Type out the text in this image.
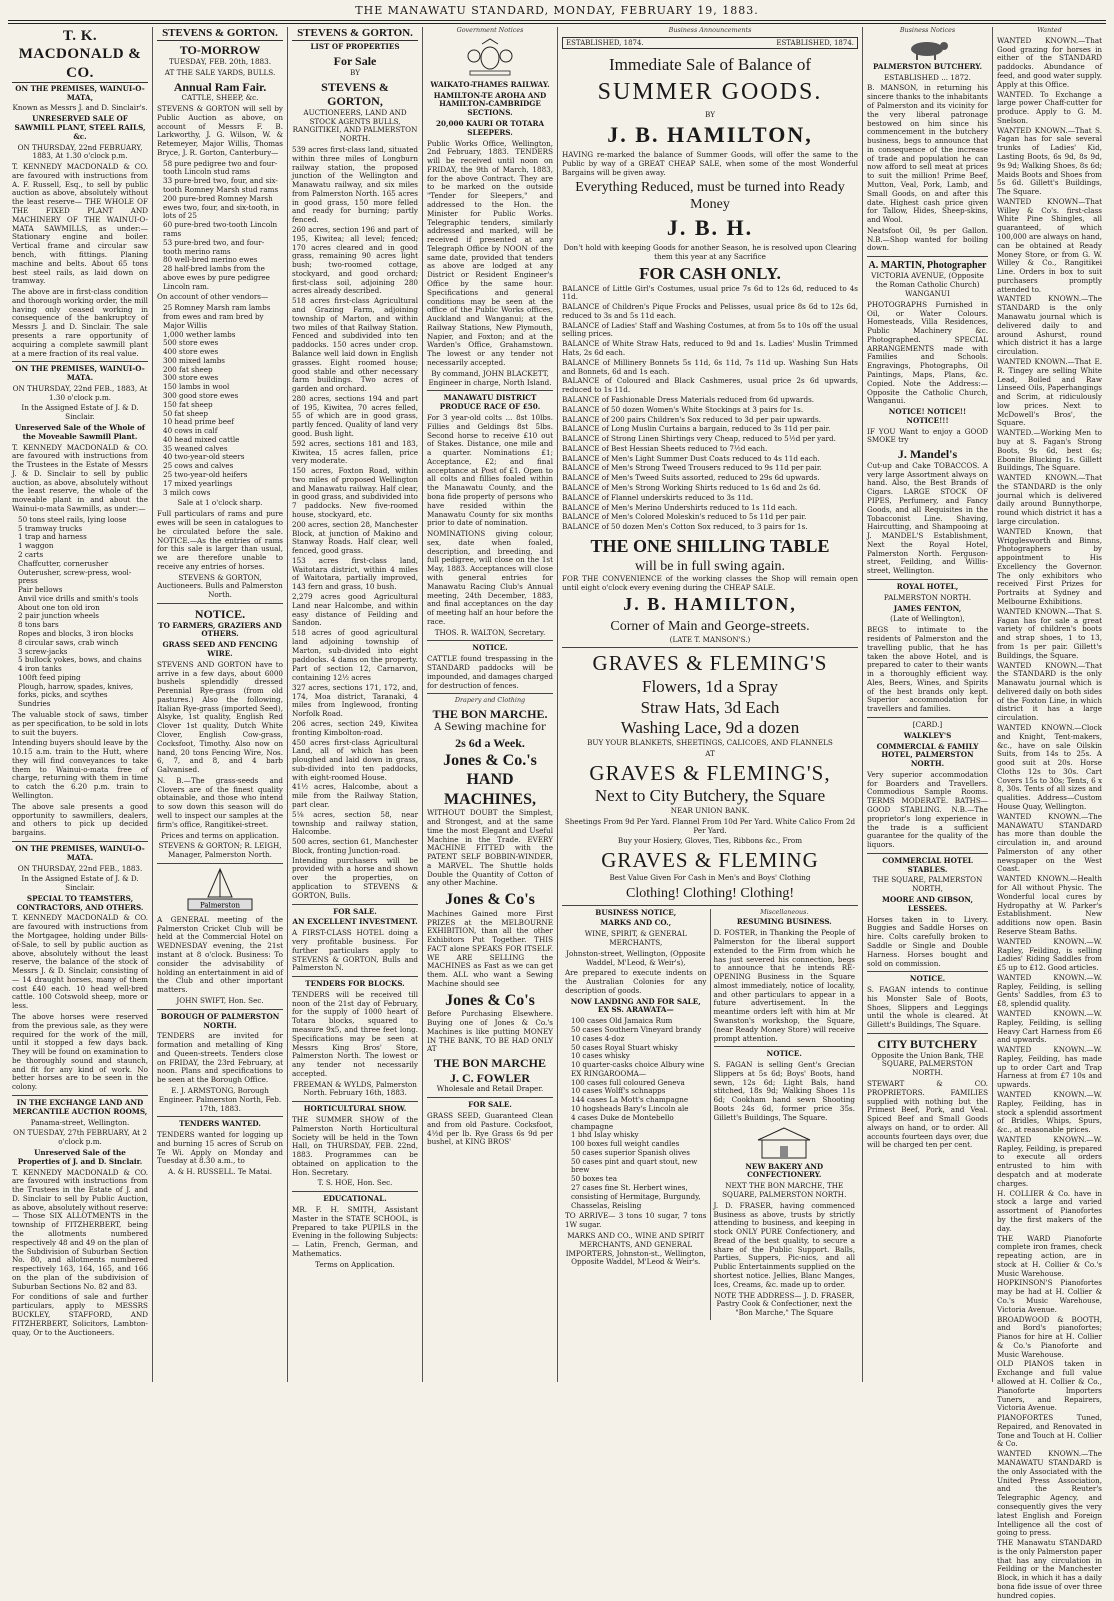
THE MANAWATU STANDARD, MONDAY, FEBRUARY 19, 1883.
T. K. MACDONALD & CO.

ON THE PREMISES, WAINUI-O-MATA,

Known as Messrs J. and D. Sinclair's.

UNRESERVED SALE OF SAWMILL PLANT, STEEL RAILS, &c.

ON THURSDAY, 22nd FEBRUARY, 1883, At 1.30 o'clock p.m.

T. KENNEDY MACDONALD & CO. are favoured with instructions from A. F. Russell, Esq., to sell by public auction as above, absolutely without the least reserve— THE WHOLE OF THE FIXED PLANT AND MACHINERY OF THE WAINUI-O-MATA SAWMILLS, as under:— Stationary engine and boiler. Vertical frame and circular saw bench, with fittings. Planing machine and belts. About 65 tons best steel rails, as laid down on tramway.

The above are in first-class condition and thorough working order, the mill having only ceased working in consequence of the bankruptcy of Messrs J. and D. Sinclair. The sale presents a rare opportunity of acquiring a complete sawmill plant at a mere fraction of its real value.

ON THE PREMISES, WAINUI-O-MATA.

ON THURSDAY, 22nd FEB., 1883, At 1.30 o'clock p.m.

In the Assigned Estate of J. & D. Sinclair.

Unreserved Sale of the Whole of the Moveable Sawmill Plant.

T. KENNEDY MACDONALD & CO. are favoured with instructions from the Trustees in the Estate of Messrs J. & D. Sinclair to sell by public auction, as above, absolutely without the least reserve, the whole of the moveable plant in and about the Wainui-o-mata Sawmills, as under:—

50 tons steel rails, lying loose
5 tramway trucks
1 trap and harness
1 waggon
2 carts
Chaffcutter, cornerusher
Outerusher, screw-press, wool-press
Pair bellows
Anvil vice drills and smith's tools
About one ton old iron
2 pair junction wheels
8 tons bars
Ropes and blocks, 3 iron blocks
8 circular saws, crab winch
3 screw-jacks
5 bullock yokes, bows, and chains
4 iron tanks
100ft feed piping
Plough, harrow, spades, knives, forks, picks, and scythes
Sundries

The valuable stock of saws, timber as per specification, to be sold in lots to suit the buyers.

Intending buyers should leave by the 10.15 a.m. train to the Hutt, where they will find conveyances to take them to Wainui-o-mata free of charge, returning with them in time to catch the 6.20 p.m. train to Wellington.

The above sale presents a good opportunity to sawmillers, dealers, and others to pick up decided bargains.

ON THE PREMISES, WAINUI-O-MATA.

ON THURSDAY, 22nd FEB., 1883.

In the Assigned Estate of J. & D. Sinclair.

SPECIAL TO TEAMSTERS, CONTRACTORS, AND OTHERS.

T. KENNEDY MACDONALD & CO. are favoured with instructions from the Mortgagee, holding under Bills-of-Sale, to sell by public auction as above, absolutely without the least reserve, the balance of the stock of Messrs J. & D. Sinclair, consisting of— 14 draught horses, many of them cost £40 each. 10 head well-bred cattle. 100 Cotswold sheep, more or less.

The above horses were reserved from the previous sale, as they were required for the work of the mill, until it stopped a few days back. They will be found on examination to be thoroughly sound and staunch, and fit for any kind of work. No better horses are to be seen in the colony.

IN THE EXCHANGE LAND AND MERCANTILE AUCTION ROOMS,

Panama-street, Wellington.

ON TUESDAY, 27th FEBRUARY, At 2 o'clock p.m.

Unreserved Sale of the Properties of J. and D. Sinclair.

T. KENNEDY MACDONALD & CO. are favoured with instructions from the Trustees in the Estate of J. and D. Sinclair to sell by Public Auction, as above, absolutely without reserve:— Those SIX ALLOTMENTS in the township of FITZHERBERT, being the allotments numbered respectively 48 and 49 on the plan of the Subdivision of Suburban Section No. 80, and allotments numbered respectively 163, 164, 165, and 166 on the plan of the subdivision of Suburban Sections No. 82 and 83.

For conditions of sale and further particulars, apply to MESSRS BUCKLEY, STAFFORD, AND FITZHERBERT, Solicitors, Lambton-quay, Or to the Auctioneers.

STEVENS & GORTON.
TO-MORROW

TUESDAY, FEB. 20th, 1883.

AT THE SALE YARDS, BULLS.

Annual Ram Fair.

CATTLE, SHEEP, &c.

STEVENS & GORTON will sell by Public Auction as above, on account of Messrs F. B. Larkworthy, J. G. Wilson, W. & Retemeyer, Major Willis, Thomas Bryce, J. R. Gorton, Canterbury—

58 pure pedigree two and four-tooth Lincoln stud rams
33 pure-bred two, four, and six-tooth Romney Marsh stud rams
200 pure-bred Romney Marsh ewes two, four, and six-tooth, in lots of 25
60 pure-bred two-tooth Lincoln rams
53 pure-bred two, and four-tooth merino rams
80 well-bred merino ewes
28 half-bred lambs from the above ewes by pure pedigree Lincoln ram.

On account of other vendors—

25 Romney Marsh ram lambs from ewes and ram bred by Major Willis
1,000 wether lambs
500 store ewes
400 store ewes
300 mixed lambs
200 fat sheep
300 store ewes
150 lambs in wool
300 good store ewes
150 fat sheep
50 fat sheep
10 head prime beef
40 cows in calf
40 head mixed cattle
35 weaned calves
40 two-year-old steers
25 cows and calves
25 two-year-old heifers
17 mixed yearlings
3 milch cows

Sale at 1 o'clock sharp.

Full particulars of rams and pure ewes will be seen in catalogues to be circulated before the sale. NOTICE.—As the entries of rams for this sale is larger than usual, we are therefore unable to receive any entries of horses.

STEVENS & GORTON, Auctioneers. Bulls and Palmerston North.

NOTICE.

TO FARMERS, GRAZIERS AND OTHERS.

GRASS SEED AND FENCING WIRE.

STEVENS AND GORTON have to arrive in a few days, about 6000 bushels splendidly dressed Perennial Rye-grass (from old pastures.) Also the following, Italian Rye-grass (imported Seed), Alsyke, 1st quality, English Red Clover 1st quality, Dutch White Clover, English Cow-grass, Cocksfoot, Timothy. Also now on hand, 20 tons Fencing Wire, Nos. 6, 7, and 8, and 4 barb Galvanised.

N. B.—The grass-seeds and Clovers are of the finest quality obtainable, and those who intend to sow down this season will do well to inspect our samples at the firm's office, Rangitikei-street.

Prices and terms on application.

STEVENS & GORTON; R. LEIGH, Manager, Palmerston North.

Palmerston

A GENERAL meeting of the Palmerston Cricket Club will be held at the Commercial Hotel on WEDNESDAY evening, the 21st instant at 8 o'clock. Business: To consider the advisability of holding an entertainment in aid of the Club and other important matters.

JOHN SWIFT, Hon. Sec.

BOROUGH OF PALMERSTON NORTH.

TENDERS are invited for formation and metalling of King and Queen-streets. Tenders close on FRIDAY, the 23rd February, at noon. Plans and specifications to be seen at the Borough Office.

E. J. ARMSTONG, Borough Engineer. Palmerston North, Feb. 17th, 1883.

TENDERS WANTED.

TENDERS wanted for logging up and burning 15 acres of Scrub on Te Wi. Apply on Monday and Tuesday at 8.30 a.m., to

A. & H. RUSSELL. Te Matai.

STEVENS & GORTON.

LIST OF PROPERTIES

For Sale

BY

STEVENS & GORTON,

AUCTIONEERS, LAND AND STOCK AGENTS BULLS, RANGITIKEI, AND PALMERSTON NORTH.

539 acres first-class land, situated within three miles of Longburn railway station, the proposed junction of the Wellington and Manawatu railway, and six miles from Palmerston North. 165 acres in good grass, 150 more felled and ready for burning; partly fenced.

260 acres, section 196 and part of 195, Kiwitea; all level; fenced; 170 acres cleared and in good grass, remaining 90 acres light bush; two-roomed cottage, stockyard, and good orchard; first-class soil, adjoining 280 acres already described.

518 acres first-class Agricultural and Grazing Farm, adjoining township of Marton, and within two miles of that Railway Station. Fenced and subdivided into ten paddocks. 150 acres under crop. Balance well laid down in English grasses. Eight roomed house; good stable and other necessary farm buildings. Two acres of garden and orchard.

280 acres, sections 194 and part of 195, Kiwitea, 70 acres felled, 55 of which are in good grass, partly fenced. Quality of land very good. Bush light.

592 acres, sections 181 and 183, Kiwitea, 15 acres fallen, price very moderate.

150 acres, Foxton Road, within two miles of proposed Wellington and Manawatu railway. Half clear, in good grass, and subdivided into 7 paddocks. New five-roomed house, stockyard, etc.

200 acres, section 28, Manchester Block, at junction of Makino and Stanway Roads. Half clear, well fenced, good grass.

153 acres first-class land, Waitotara district, within 4 miles of Waitotara, partially improved, 143 fern and grass, 10 bush.

2,279 acres good Agricultural Land near Halcombe, and within easy distance of Feilding and Sandon.

518 acres of good agricultural land adjoining township of Marton, sub-divided into eight paddocks. 4 dams on the property.

Part of section 12, Carnarvon, containing 12½ acres

327 acres, sections 171, 172, and, 174, Moa district, Taranaki, 4 miles from Inglewood, fronting Norfolk Road.

206 acres, section 249, Kiwitea fronting Kimbolton-road.

450 acres first-class Agricultural Land, all of which has been ploughed and laid down in grass, sub-divided into ten paddocks, with eight-roomed House.

41½ acres, Halcombe, about a mile from the Railway Station, part clear.

5⅛ acres, section 58, near township and railway station, Halcombe.

500 acres, section 61, Manchester Block, fronting Junction-road.

Intending purchasers will be provided with a horse and shown over the properties, on application to STEVENS & GORTON, Bulls.

FOR SALE.

AN EXCELLENT INVESTMENT.

A FIRST-CLASS HOTEL doing a very profitable business. For further particulars apply to STEVENS & GORTON, Bulls and Palmerston N.

TENDERS FOR BLOCKS.

TENDERS will be received till noon of the 21st day of February, for the supply of 1000 heart of Totara blocks, squared to measure 9x5, and three feet long. Specifications may be seen at Messrs King Bros' Store, Palmerston North. The lowest or any tender not necessarily accepted.

FREEMAN & WYLDS, Palmerston North. February 16th, 1883.

HORTICULTURAL SHOW.

THE SUMMER SHOW of the Palmerston North Horticultural Society will be held in the Town Hall, on THURSDAY, FEB. 22nd, 1883. Programmes can be obtained on application to the Hon. Secretary.

T. S. HOE, Hon. Sec.

EDUCATIONAL.

MR. F. H. SMITH, Assistant Master in the STATE SCHOOL, is Prepared to take PUPILS in the Evening in the following Subjects:— Latin, French, German, and Mathematics.

Terms on Application.

Government Notices

WAIKATO-THAMES RAILWAY.

HAMILTON-TE AROHA AND HAMILTON-CAMBRIDGE SECTIONS.

20,000 KAURI OR TOTARA SLEEPERS.

Public Works Office, Wellington, 2nd February, 1883. TENDERS will be received until noon on FRIDAY, the 9th of March, 1883, for the above Contract. They are to be marked on the outside "Tender for Sleepers," and addressed to the Hon. the Minister for Public Works. Telegraphic tenders, similarly addressed and marked, will be received if presented at any Telegraph Office by NOON of the same date, provided that tenders as above are lodged at any District or Resident Engineer's Office by the same hour. Specifications and general conditions may be seen at the office of the Public Works offices, Auckland and Wanganui; at the Railway Stations, New Plymouth, Napier, and Foxton; and at the Warden's Office, Grahamstown. The lowest or any tender not necessarily accepted.

By command, JOHN BLACKETT, Engineer in charge, North Island.

MANAWATU DISTRICT PRODUCE RACE OF £50.

For 3 year-old colts ... 8st 10lbs. Fillies and Geldings 8st 5lbs. Second horse to receive £10 out of Stakes. Distance, one mile and a quarter. Nominations £1; Acceptance, £2; and final acceptance at Post of £1. Open to all colts and fillies foaled within the Manawatu County, and the bona fide property of persons who have resided within the Manawatu County for six months prior to date of nomination.

NOMINATIONS giving colour, sex, date when foaled, description, and breeding, and full pedigree, will close on the 1st May, 1883. Acceptances will close with general entries for Manawatu Racing Club's Annual meeting, 24th December, 1883, and final acceptances on the day of meeting half an hour before the race.

THOS. R. WALTON, Secretary.

NOTICE.

CATTLE found trespassing in the STANDARD paddocks will be impounded, and damages charged for destruction of fences.

Drapery and Clothing
THE BON MARCHE.

A Sewing machine for

2s 6d a Week.
Jones & Co.'s HAND MACHINES,

WITHOUT DOUBT the Simplest, and Strongest, and at the same time the most Elegant and Useful Machine in the Trade. EVERY MACHINE FITTED with the PATENT SELF BOBBIN-WINDER, a MARVEL. The Shuttle holds Double the Quantity of Cotton of any other Machine.

Jones & Co's

Machines Gained more First PRIZES at the MELBOURNE EXHIBITION, than all the other Exhibitors Put Together. THIS FACT alone SPEAKS FOR ITSELF. WE ARE SELLING the MACHINES as Fast as we can get them. ALL who want a Sewing Machine should see

Jones & Co's

Before Purchasing Elsewhere. Buying one of Jones & Co.'s Machines is like putting MONEY IN THE BANK, TO BE HAD ONLY AT

THE BON MARCHE
J. C. FOWLER

Wholesale and Retail Draper.

FOR SALE.

GRASS SEED, Guaranteed Clean and from old Pasture. Cocksfoot, 4½d per lb. Rye Grass 6s 9d per bushel, at KING BROS'

Business Announcements
ESTABLISHED, 1874.	ESTABLISHED, 1874.
Immediate Sale of Balance of
SUMMER GOODS.

BY

J. B. HAMILTON,

HAVING re-marked the balance of Summer Goods, will offer the same to the Public by way of a GREAT CHEAP SALE, when some of the most Wonderful Bargains will be given away.

Everything Reduced, must be turned into Ready Money
J. B. H.

Don't hold with keeping Goods for another Season, he is resolved upon Clearing them this year at any Sacrifice

FOR CASH ONLY.

BALANCE of Little Girl's Costumes, usual price 7s 6d to 12s 6d, reduced to 4s 11d.

BALANCE of Children's Pique Frocks and Pelisses, usual price 8s 6d to 12s 6d, reduced to 3s and 5s 11d each.

BALANCE of Ladies' Staff and Washing Costumes, at from 5s to 10s off the usual selling prices.

BALANCE of White Straw Hats, reduced to 9d and 1s. Ladies' Muslin Trimmed Hats, 2s 6d each.

BALANCE of Millinery Bonnets 5s 11d, 6s 11d, 7s 11d up. Washing Sun Hats and Bonnets, 6d and 1s each.

BALANCE of Coloured and Black Cashmeres, usual price 2s 6d upwards, reduced to 1s 11d.

BALANCE of Fashionable Dress Materials reduced from 6d upwards.

BALANCE of 50 dozen Women's White Stockings at 3 pairs for 1s.

BALANCE of 200 pairs Children's Sox reduced to 3d per pair upwards.

BALANCE of Long Muslin Curtains a bargain, reduced to 3s 11d per pair.

BALANCE of Strong Linen Shirtings very Cheap, reduced to 5½d per yard.

BALANCE of Best Hessian Sheets reduced to 7½d each.

BALANCE of Men's Light Summer Dust Coats reduced to 4s 11d each.

BALANCE of Men's Strong Tweed Trousers reduced to 9s 11d per pair.

BALANCE of Men's Tweed Suits assorted, reduced to 29s 6d upwards.

BALANCE of Men's Strong Working Shirts reduced to 1s 6d and 2s 6d.

BALANCE of Flannel underskirts reduced to 3s 11d.

BALANCE of Men's Merino Undershirts reduced to 1s 11d each.

BALANCE of Men's Colored Moleskin's reduced to 5s 11d per pair.

BALANCE of 50 dozen Men's Cotton Sox reduced, to 3 pairs for 1s.

THE ONE SHILLING TABLE
will be in full swing again.

FOR THE CONVENIENCE of the working classes the Shop will remain open until eight o'clock every evening during the CHEAP SALE.

J. B. HAMILTON,
Corner of Main and George-streets.

(LATE T. MANSON'S.)

GRAVES & FLEMING'S
Flowers, 1d a Spray
Straw Hats, 3d Each
Washing Lace, 9d a dozen

BUY YOUR BLANKETS, SHEETINGS, CALICOES, AND FLANNELS

AT

GRAVES & FLEMING'S,
Next to City Butchery, the Square

NEAR UNION BANK.

Sheetings From 9d Per Yard. Flannel From 10d Per Yard. White Calico From 2d Per Yard.

Buy your Hosiery, Gloves, Ties, Ribbons &c., From

GRAVES & FLEMING

Best Value Given For Cash in Men's and Boys' Clothing

Clothing! Clothing! Clothing!

BUSINESS NOTICE,

MARKS AND CO.,

WINE, SPIRIT, & GENERAL MERCHANTS,

Johnston-street, Wellington, (Opposite Waddel, M'Leod, & Weir's),

Are prepared to execute indents on the Australian Colonies for any description of goods.

NOW LANDING AND FOR SALE, EX SS. ARAWATA—

100 cases Old Jamaica Rum
50 cases Southern Vineyard brandy
10 cases 4-doz
50 cases Royal Stuart whisky
10 cases whisky
10 quarter-casks choice Albury wine
EX RINGAROOMA—
100 cases full coloured Geneva
10 cases Wolff's schnapps
144 cases La Mott's champagne
10 hogsheads Bary's Lincoln ale
4 cases Duke de Montebello champagne
1 bhd Islay whisky
100 boxes full weight candles
50 cases superior Spanish olives
50 cases pint and quart stout, new brew
50 boxes tea
27 cases fine St. Herbert wines, consisting of Hermitage, Burgundy, Chasselas, Reisling

TO ARRIVE— 3 tons 10 sugar, 7 tons 1W sugar.

MARKS AND CO., WINE AND SPIRIT MERCHANTS, AND GENERAL IMPORTERS, Johnston-st., Wellington, Opposite Waddel, M'Leod & Weir's.

Miscellaneous.

RESUMING BUSINESS.

D. FOSTER, in Thanking the People of Palmerston for the liberal support extended to the Firm from which he has just severed his connection, begs to announce that he intends RE-OPENING Business in the Square almost immediately, notice of locality, and other particulars to appear in a future advertisement. In the meantime orders left with him at Mr Swanston's workshop, the Square, (near Ready Money Store) will receive prompt attention.

NOTICE.

S. FAGAN is selling Gent's Grecian Slippers at 5s 6d; Boys' Boots, hand sewn, 12s 6d; Light Bals, hand stitched, 18s 9d; Walking Shoes 11s 6d; Cookham hand sewn Shooting Boots 24s 6d, former price 35s. Gillett's Buildings, The Square.

NEW BAKERY AND CONFECTIONERY.

NEXT THE BON MARCHE, THE SQUARE, PALMERSTON NORTH.

J. D. FRASER, having commenced Business as above, trusts by strictly attending to business, and keeping in stock ONLY PURE Confectionery, and Bread of the best quality, to secure a share of the Public Support. Balls, Parties, Suppers, Pic-nics, and all Public Entertainments supplied on the shortest notice. Jellies, Blanc Manges, Ices, Creams, &c. made up to order.

NOTE THE ADDRESS— J. D. FRASER, Pastry Cook & Confectioner, next the "Bon Marche," The Square

Business Notices

PALMERSTON BUTCHERY.

ESTABLISHED ... 1872.

B. MANSON, in returning his sincere thanks to the inhabitants of Palmerston and its vicinity for the very liberal patronage bestowed on him since his commencement in the butchery business, begs to announce that in consequence of the increase of trade and population he can now afford to sell meat at prices to suit the million! Prime Beef, Mutton, Veal, Pork, Lamb, and Small Goods, on and after this date. Highest cash price given for Tallow, Hides, Sheep-skins, and Wool.

Neatsfoot Oil, 9s per Gallon. N.B.—Shop wanted for boiling down.

A. MARTIN, Photographer

VICTORIA AVENUE, (Opposite the Roman Catholic Church) WANGANUI

PHOTOGRAPHS Furnished in Oil, or Water Colours. Homesteads, Villa Residences, Public Machinery &c. Photographed. SPECIAL ARRANGEMENTS made with Families and Schools. Engravings, Photographs, Oil Paintings, Maps, Plans, &c. Copied. Note the Address:—Opposite the Catholic Church, Wanganui.

NOTICE! NOTICE!! NOTICE!!!

IF YOU Want to enjoy a GOOD SMOKE try

J. Mandel's

Cut-up and Cake TOBACCOS. A very large Assortment always on hand. Also, the Best Brands of Cigars. LARGE STOCK OF PIPES, Perfumery, and Fancy Goods, and all Requisites in the Tobacconist Line. Shaving, Haircutting, and Shampooing at J. MANDEL'S Establishment, Next the Royal Hotel, Palmerston North. Ferguson-street, Feilding, and Willis-street, Wellington.

ROYAL HOTEL,

PALMERSTON NORTH.

JAMES FENTON,

(Late of Wellington),

BEGS to intimate to the residents of Palmerston and the travelling public, that he has taken the above Hotel, and is prepared to cater to their wants in a thoroughly efficient way. Ales, Beers, Wines, and Spirits of the best brands only kept. Superior accommodation for travellers and families.

[CARD.]

WALKLEY'S

COMMERCIAL & FAMILY HOTEL, PALMERSTON NORTH.

Very superior accommodation for Boarders and Travellers. Commodious Sample Rooms. TERMS MODERATE. BATHS—GOOD STABLING. N.B.—The proprietor's long experience in the trade is a sufficient guarantee for the quality of the liquors.

COMMERCIAL HOTEL STABLES.

THE SQUARE, PALMERSTON NORTH,

MOORE AND GIBSON, LESSEES.

Horses taken in to Livery. Buggies and Saddle Horses on hire. Colts carefully broken to Saddle or Single and Double Harness. Horses bought and sold on commission.

NOTICE.

S. FAGAN intends to continue his Monster Sale of Boots, Shoes, Slippers and Leggings until the whole is cleared. At Gillett's Buildings, The Square.

CITY BUTCHERY

Opposite the Union Bank, THE SQUARE, PALMERSTON NORTH.

STEWART & CO. PROPRIETORS. FAMILIES supplied with nothing but the Primest Beef, Pork, and Veal. Spiced Beef and Small Goods always on hand, or to order. All accounts fourteen days over, due will be charged ten per cent.

Wanted

WANTED KNOWN.—That Good grazing for horses in either of the STANDARD paddocks. Abundance of feed, and good water supply. Apply at this Office.

WANTED. To Exchange a large power Chaff-cutter for produce. Apply to G. M. Snelson.

WANTED KNOWN.—That S. Fagan has for sale several trunks of Ladies' Kid, Lasting Boots, 6s 9d, 8s 9d, 9s 9d; Walking Shoes, 8s 6d; Maids Boots and Shoes from 5s 6d. Gillett's Buildings, The Square.

WANTED KNOWN—That Willey & Co's. first-class White Pine Shingles, all guaranteed, of which 100,000 are always on hand, can be obtained at Ready Money Store, or from G. W. Willey & Co., Rangitikei Line. Orders in box to suit purchasers promptly attended to.

WANTED KNOWN.—The STANDARD is the only Manawatu journal which is delivered daily to and around Ashurst, round which district it has a large circulation.

WANTED KNOWN.—That E. R. Tingey are selling White Lead, Boiled and Raw Linseed Oils, Paperhangings and Scrim, at ridiculously low prices. Next to McDowell's Bros', the Square.

WANTED.—Working Men to buy at S. Fagan's Strong Boots, 9s 6d, best 6s; Ebonite Blucking 1s. Gillett Buildings, The Square.

WANTED KNOWN.—That the STANDARD is the only journal which is delivered daily around Bunnythorpe, round which district it has a large circulation.

WANTED Known, that Wrigglesworth and Binns, Photographers by appointment to His Excellency the Governor. The only exhibitors who received First Prizes for Portraits at Sydney and Melbourne Exhibitions.

WANTED KNOWN.—That S. Fagan has for sale a great variety of children's boots and strap shoes, 1 to 13, from 1s per pair. Gillett's Buildings, the Square.

WANTED KNOWN.—That the STANDARD is the only Manawatu journal which is delivered daily on both sides of the Foxton Line, in which district it has a large circulation.

WANTED KNOWN.—Clock and Knight, Tent-makers, &c., have on sale Oilskin Suits, from 14s to 25s. A good suit at 20s. Horse Cloths 12s to 30s. Cart Covers 15s to 30s; Tents, 6 x 8, 30s. Tents of all sizes and qualities. Address—Custom House Quay, Wellington.

WANTED KNOWN.—The MANAWATU STANDARD has more than double the circulation in, and around Palmerston of any other newspaper on the West Coast.

WANTED KNOWN.—Health for All without Physic. The Wonderful local cures by Hydropathy at W. Parker's Establishment. New additions now open. Basin Reserve Steam Baths.

WANTED KNOWN.—W. Rapley, Feilding, is selling Ladies' Riding Saddles from £5 up to £12. Good articles.

WANTED KNOWN.—W. Rapley, Feilding, is selling Gents' Saddles, from £3 to £8, splendid quality.

WANTED KNOWN.—W. Rapley, Feilding, is selling Heavy Cart Harness from £6 and upwards.

WANTED KNOWN.—W. Rapley, Feilding, has made up to order Cart and Trap Harness at from £7 10s and upwards.

WANTED KNOWN.—W. Rapley, Feilding, has in stock a splendid assortment of Bridles, Whips, Spurs, &c., at reasonable prices.

WANTED KNOWN.—W. Rapley, Feilding, is prepared to execute all orders entrusted to him with despatch and at moderate charges.

H. COLLIER & Co. have in stock a large and varied assortment of Pianofortes by the first makers of the day.

THE WARD Pianoforte complete iron frames, check repeating action, are in stock at H. Collier & Co.'s Music Warehouse.

HOPKINSON'S Pianofortes may be had at H. Collier & Co.'s Music Warehouse, Victoria Avenue.

BROADWOOD & BOOTH, and Bord's pianofortes; Pianos for hire at H. Collier & Co.'s Pianoforte and Music Warehouse.

OLD PIANOS taken in Exchange and full value allowed at H. Collier & Co., Pianoforte Importers Tuners, and Repairers, Victoria Avenue.

PIANOFORTES Tuned, Repaired, and Renovated in Tone and Touch at H. Collier & Co.

WANTED KNOWN.—The MANAWATU STANDARD is the only Associated with the United Press Association, and the Reuter's Telegraphic Agency, and consequently gives the very latest English and Foreign Intelligence all the cost of going to press.

THE Manawatu STANDARD is the only Palmerston paper that has any circulation in Feilding or the Manchester Block, in which it has a daily bona fide issue of over three hundred copies.
